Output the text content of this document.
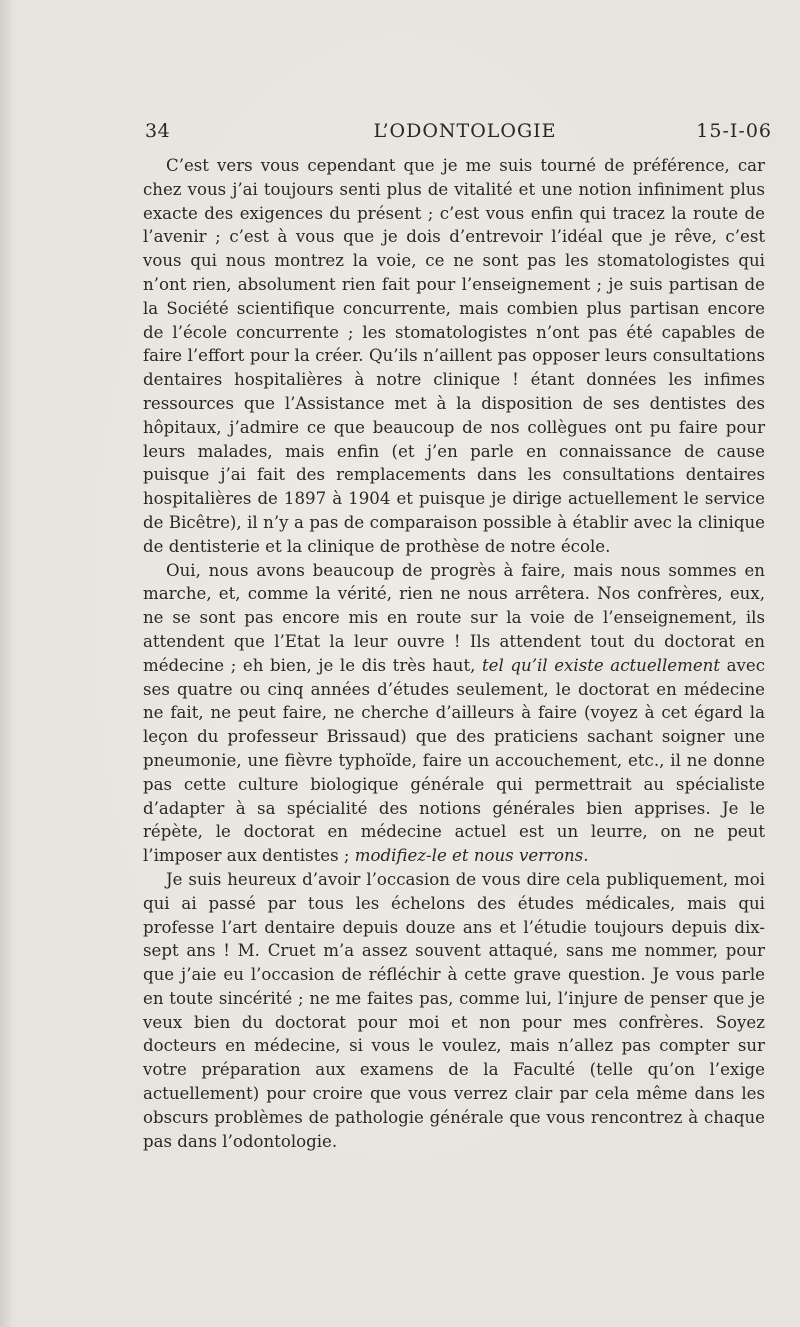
34	L’ODONTOLOGIE	15-I-06

C’est vers vous cependant que je me suis tourné de préférence, car chez vous j’ai toujours senti plus de vitalité et une notion infiniment plus exacte des exigences du présent ; c’est vous enfin qui tracez la route de l’avenir ; c’est à vous que je dois d’entrevoir l’idéal que je rêve, c’est vous qui nous montrez la voie, ce ne sont pas les stomatologistes qui n’ont rien, absolument rien fait pour l’enseignement ; je suis partisan de la Société scientifique concurrente, mais combien plus partisan encore de l’école concurrente ; les stomatologistes n’ont pas été capables de faire l’effort pour la créer. Qu’ils n’aillent pas opposer leurs consultations dentaires hospitalières à notre clinique ! étant données les infimes ressources que l’Assistance met à la disposition de ses dentistes des hôpitaux, j’admire ce que beaucoup de nos collègues ont pu faire pour leurs malades, mais enfin (et j’en parle en connaissance de cause puisque j’ai fait des remplacements dans les consultations dentaires hospitalières de 1897 à 1904 et puisque je dirige actuellement le service de Bicêtre), il n’y a pas de comparaison possible à établir avec la clinique de dentisterie et la clinique de prothèse de notre école.

Oui, nous avons beaucoup de progrès à faire, mais nous sommes en marche, et, comme la vérité, rien ne nous arrêtera. Nos confrères, eux, ne se sont pas encore mis en route sur la voie de l’enseignement, ils attendent que l’Etat la leur ouvre ! Ils attendent tout du doctorat en médecine ; eh bien, je le dis très haut, tel qu’il existe actuellement avec ses quatre ou cinq années d’études seulement, le doctorat en médecine ne fait, ne peut faire, ne cherche d’ailleurs à faire (voyez à cet égard la leçon du professeur Brissaud) que des praticiens sachant soigner une pneumonie, une fièvre typhoïde, faire un accouchement, etc., il ne donne pas cette culture biologique générale qui permettrait au spécialiste d’adapter à sa spécialité des notions générales bien apprises. Je le répète, le doctorat en médecine actuel est un leurre, on ne peut l’imposer aux dentistes ; modifiez-le et nous verrons.

Je suis heureux d’avoir l’occasion de vous dire cela publiquement, moi qui ai passé par tous les échelons des études médicales, mais qui professe l’art dentaire depuis douze ans et l’étudie toujours depuis dix-sept ans ! M. Cruet m’a assez souvent attaqué, sans me nommer, pour que j’aie eu l’occasion de réfléchir à cette grave question. Je vous parle en toute sincérité ; ne me faites pas, comme lui, l’injure de penser que je veux bien du doctorat pour moi et non pour mes confrères. Soyez docteurs en médecine, si vous le voulez, mais n’allez pas compter sur votre préparation aux examens de la Faculté (telle qu’on l’exige actuellement) pour croire que vous verrez clair par cela même dans les obscurs problèmes de pathologie générale que vous rencontrez à chaque pas dans l’odontologie.
